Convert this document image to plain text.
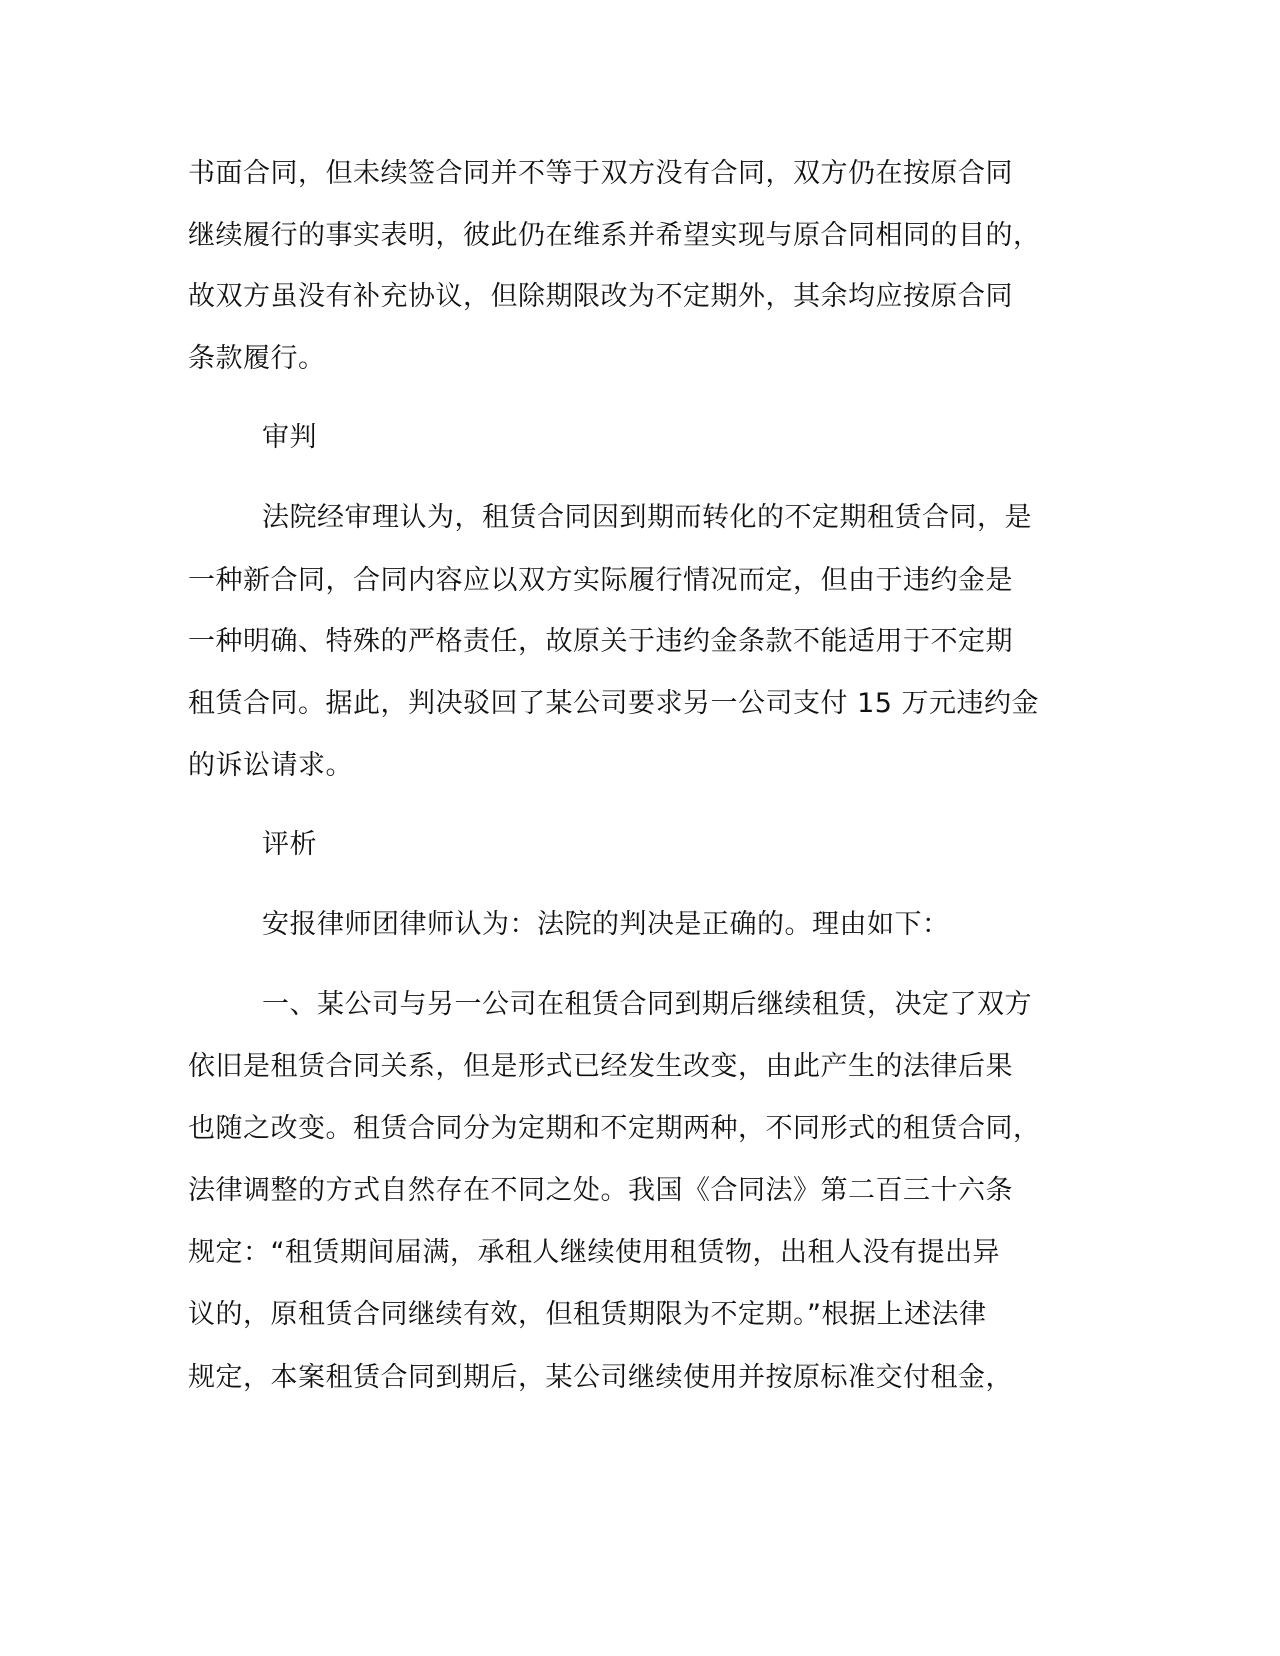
书面合同，但未续签合同并不等于双方没有合同，双方仍在按原合同
继续履行的事实表明，彼此仍在维系并希望实现与原合同相同的目的，
故双方虽没有补充协议，但除期限改为不定期外，其余均应按原合同
条款履行。
审判
法院经审理认为，租赁合同因到期而转化的不定期租赁合同，是
一种新合同，合同内容应以双方实际履行情况而定，但由于违约金是
一种明确、特殊的严格责任，故原关于违约金条款不能适用于不定期
租赁合同。据此，判决驳回了某公司要求另一公司支付 15 万元违约金
的诉讼请求。
评析
安报律师团律师认为：法院的判决是正确的。理由如下：
一、某公司与另一公司在租赁合同到期后继续租赁，决定了双方
依旧是租赁合同关系，但是形式已经发生改变，由此产生的法律后果
也随之改变。租赁合同分为定期和不定期两种，不同形式的租赁合同，
法律调整的方式自然存在不同之处。我国《合同法》第二百三十六条
规定：“租赁期间届满，承租人继续使用租赁物，出租人没有提出异
议的，原租赁合同继续有效，但租赁期限为不定期。”根据上述法律
规定，本案租赁合同到期后，某公司继续使用并按原标准交付租金，
